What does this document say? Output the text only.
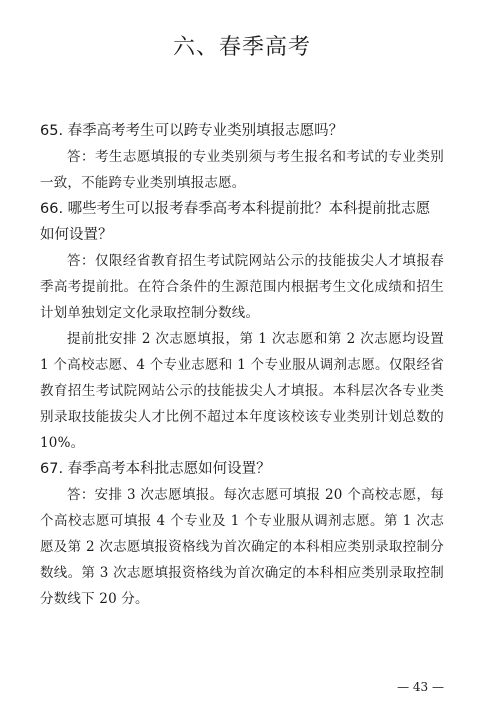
六、春季高考

65. 春季高考考生可以跨专业类别填报志愿吗？

答：考生志愿填报的专业类别须与考生报名和考试的专业类别一致，不能跨专业类别填报志愿。

66. 哪些考生可以报考春季高考本科提前批？本科提前批志愿如何设置？

答：仅限经省教育招生考试院网站公示的技能拔尖人才填报春季高考提前批。在符合条件的生源范围内根据考生文化成绩和招生计划单独划定文化录取控制分数线。

提前批安排 2 次志愿填报，第 1 次志愿和第 2 次志愿均设置 1 个高校志愿、4 个专业志愿和 1 个专业服从调剂志愿。仅限经省教育招生考试院网站公示的技能拔尖人才填报。本科层次各专业类别录取技能拔尖人才比例不超过本年度该校该专业类别计划总数的 10%。

67. 春季高考本科批志愿如何设置？

答：安排 3 次志愿填报。每次志愿可填报 20 个高校志愿，每个高校志愿可填报 4 个专业及 1 个专业服从调剂志愿。第 1 次志愿及第 2 次志愿填报资格线为首次确定的本科相应类别录取控制分数线。第 3 次志愿填报资格线为首次确定的本科相应类别录取控制分数线下 20 分。

— 43 —
